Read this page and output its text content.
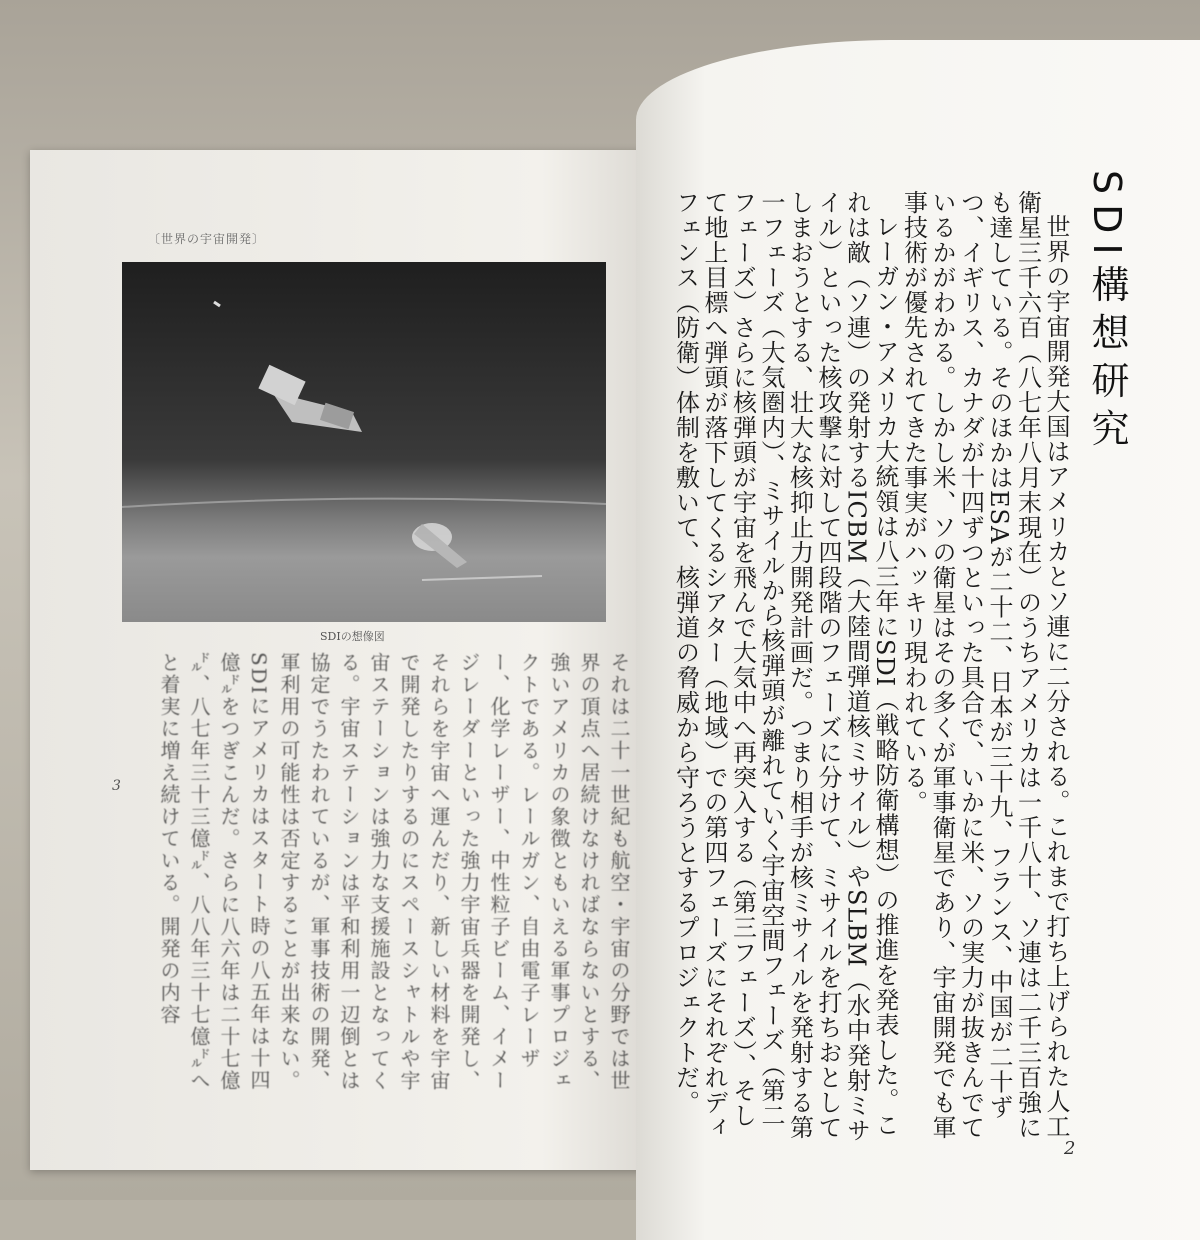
〔世界の宇宙開発〕
SDIの想像図
それは二十一世紀も航空・宇宙の分野では世界の頂点へ居続けなければならないとする、強いアメリカの象徴ともいえる軍事プロジェクトである。レールガン、自由電子レーザー、化学レーザー、中性粒子ビーム、イメージレーダーといった強力宇宙兵器を開発し、それらを宇宙へ運んだり、新しい材料を宇宙で開発したりするのにスペースシャトルや宇宙ステーションは強力な支援施設となってくる。宇宙ステーションは平和利用一辺倒とは協定でうたわれているが、軍事技術の開発、軍利用の可能性は否定することが出来ない。SDIにアメリカはスタート時の八五年は十四億㌦をつぎこんだ。さらに八六年は二十七億㌦、八七年三十三億㌦、八八年三十七億㌦へと着実に増え続けている。開発の内容
3
SDI構想研究

世界の宇宙開発大国はアメリカとソ連に二分される。これまで打ち上げられた人工衛星三千六百（八七年八月末現在）のうちアメリカは一千八十、ソ連は二千三百強にも達している。そのほかはESAが二十二、日本が三十九、フランス、中国が二十ずつ、イギリス、カナダが十四ずつといった具合で、いかに米、ソの実力が抜きんでているかがわかる。しかし米、ソの衛星はその多くが軍事衛星であり、宇宙開発でも軍事技術が優先されてきた事実がハッキリ現われている。

レーガン・アメリカ大統領は八三年にSDI（戦略防衛構想）の推進を発表した。これは敵（ソ連）の発射するICBM（大陸間弾道核ミサイル）やSLBM（水中発射ミサイル）といった核攻撃に対して四段階のフェーズに分けて、ミサイルを打ちおとしてしまおうとする、壮大な核抑止力開発計画だ。つまり相手が核ミサイルを発射する第一フェーズ（大気圏内）、ミサイルから核弾頭が離れていく宇宙空間フェーズ（第二フェーズ）さらに核弾頭が宇宙を飛んで大気中へ再突入する（第三フェーズ）、そして地上目標へ弾頭が落下してくるシアター（地域）での第四フェーズにそれぞれディフェンス（防衛）体制を敷いて、核弾道の脅威から守ろうとするプロジェクトだ。

2
